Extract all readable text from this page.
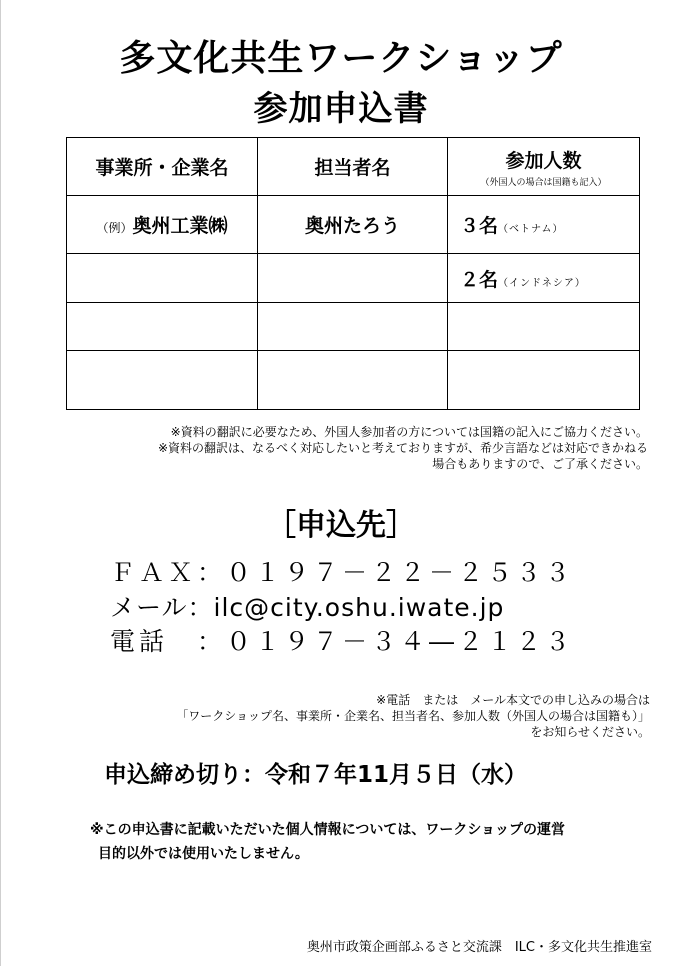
多文化共生ワークショップ
参加申込書
事業所・企業名	担当者名	参加人数
（外国人の場合は国籍も記入）

（例）奥州工業㈱	奥州たろう	３名（ベトナム）
		２名（インドネシア）

※資料の翻訳に必要なため、外国人参加者の方については国籍の記入にご協力ください。
※資料の翻訳は、なるべく対応したいと考えておりますが、希少言語などは対応できかねる
場合もありますので、ご了承ください。
［申込先］
ＦＡＸ：０１９７－２２－２５３３
メール：ilc@city.oshu.iwate.jp
電話　：０１９７－３４―２１２３
※電話　または　メール本文での申し込みの場合は
「ワークショップ名、事業所・企業名、担当者名、参加人数（外国人の場合は国籍も）」
をお知らせください。
申込締め切り：令和７年11月５日（水）
※この申込書に記載いただいた個人情報については、ワークショップの運営
目的以外では使用いたしません。
奥州市政策企画部ふるさと交流課　ILC・多文化共生推進室
